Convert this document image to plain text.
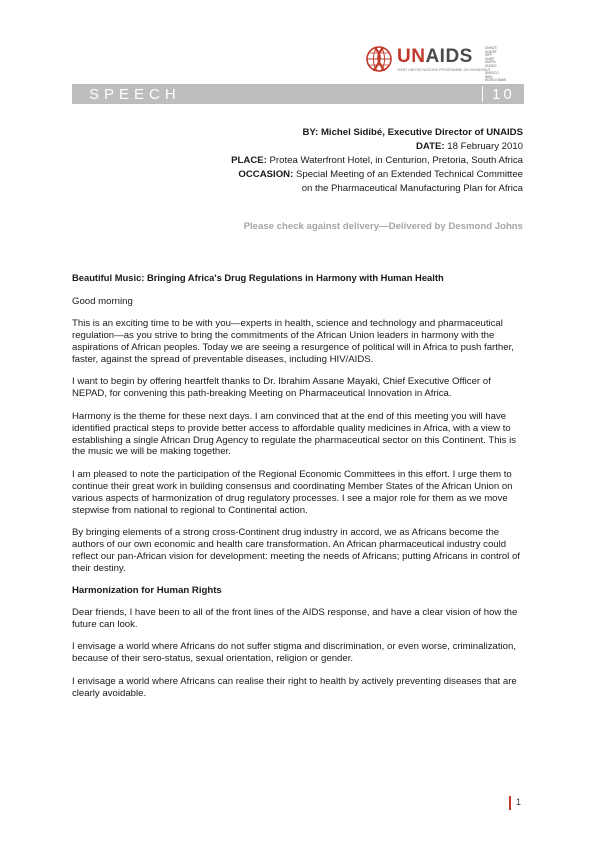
UNAIDS	UNHCR
UNICEF
WFP
UNDP
UNFPA
UNODC
ILO
UNESCO
WHO
WORLD BANK
JOINT UNITED NATIONS PROGRAMME ON HIV/AIDS
SPEECH	10
BY: Michel Sidibé, Executive Director of UNAIDS
DATE: 18 February 2010
PLACE: Protea Waterfront Hotel, in Centurion, Pretoria, South Africa
OCCASION: Special Meeting of an Extended Technical Committee
on the Pharmaceutical Manufacturing Plan for Africa
Please check against delivery—Delivered by Desmond Johns

Beautiful Music: Bringing Africa's Drug Regulations in Harmony with Human Health

Good morning

This is an exciting time to be with you—experts in health, science and technology and pharmaceutical regulation—as you strive to bring the commitments of the African Union leaders in harmony with the aspirations of African peoples. Today we are seeing a resurgence of political will in Africa to push farther, faster, against the spread of preventable diseases, including HIV/AIDS.

I want to begin by offering heartfelt thanks to Dr. Ibrahim Assane Mayaki, Chief Executive Officer of NEPAD, for convening this path-breaking Meeting on Pharmaceutical Innovation in Africa.

Harmony is the theme for these next days. I am convinced that at the end of this meeting you will have identified practical steps to provide better access to affordable quality medicines in Africa, with a view to establishing a single African Drug Agency to regulate the pharmaceutical sector on this Continent. This is the music we will be making together.

I am pleased to note the participation of the Regional Economic Committees in this effort. I urge them to continue their great work in building consensus and coordinating Member States of the African Union on various aspects of harmonization of drug regulatory processes. I see a major role for them as we move stepwise from national to regional to Continental action.

By bringing elements of a strong cross-Continent drug industry in accord, we as Africans become the authors of our own economic and health care transformation. An African pharmaceutical industry could reflect our pan-African vision for development: meeting the needs of Africans; putting Africans in control of their destiny.

Harmonization for Human Rights

Dear friends, I have been to all of the front lines of the AIDS response, and have a clear vision of how the future can look.

I envisage a world where Africans do not suffer stigma and discrimination, or even worse, criminalization, because of their sero-status, sexual orientation, religion or gender.

I envisage a world where Africans can realise their right to health by actively preventing diseases that are clearly avoidable.

1
